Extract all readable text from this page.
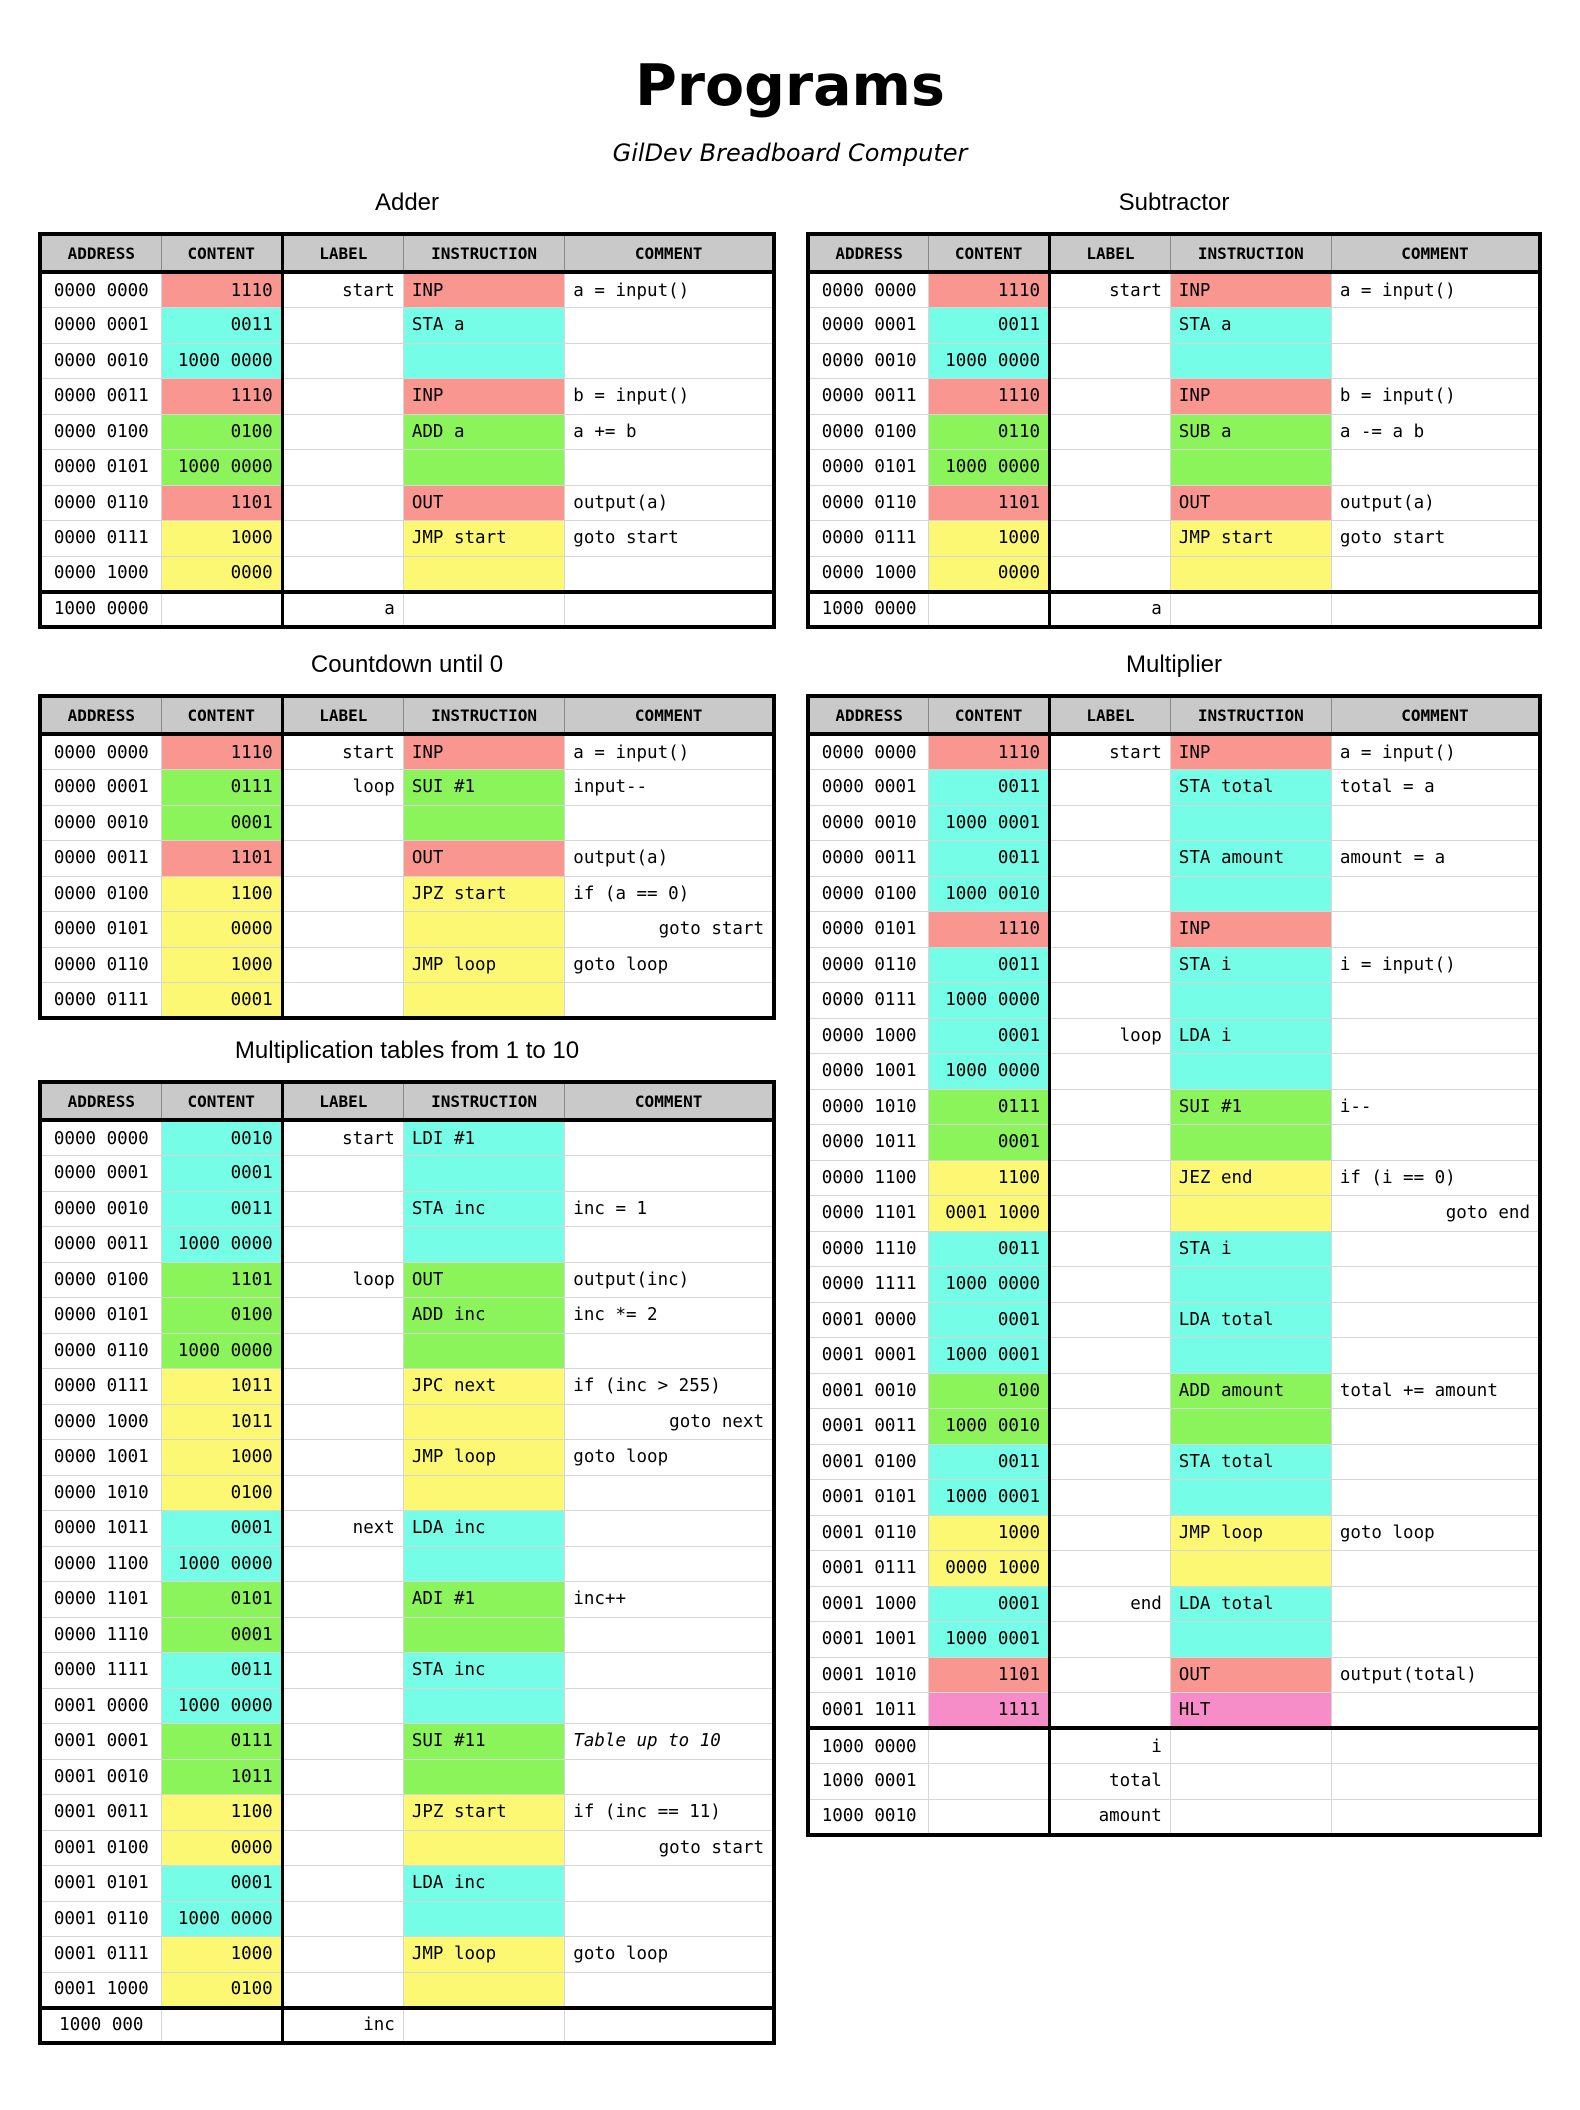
Programs
GilDev Breadboard Computer
Adder
ADDRESS	CONTENT	LABEL	INSTRUCTION	COMMENT
0000 0000	1110	start	INP	a = input()
0000 0001	0011		STA a	
0000 0010	1000 0000			
0000 0011	1110		INP	b = input()
0000 0100	0100		ADD a	a += b
0000 0101	1000 0000			
0000 0110	1101		OUT	output(a)
0000 0111	1000		JMP start	goto start
0000 1000	0000			
1000 0000		a		
Subtractor
ADDRESS	CONTENT	LABEL	INSTRUCTION	COMMENT
0000 0000	1110	start	INP	a = input()
0000 0001	0011		STA a	
0000 0010	1000 0000			
0000 0011	1110		INP	b = input()
0000 0100	0110		SUB a	a -= a b
0000 0101	1000 0000			
0000 0110	1101		OUT	output(a)
0000 0111	1000		JMP start	goto start
0000 1000	0000			
1000 0000		a		
Countdown until 0
ADDRESS	CONTENT	LABEL	INSTRUCTION	COMMENT
0000 0000	1110	start	INP	a = input()
0000 0001	0111	loop	SUI #1	input--
0000 0010	0001			
0000 0011	1101		OUT	output(a)
0000 0100	1100		JPZ start	if (a == 0)
0000 0101	0000			goto start
0000 0110	1000		JMP loop	goto loop
0000 0111	0001			
Multiplication tables from 1 to 10
ADDRESS	CONTENT	LABEL	INSTRUCTION	COMMENT
0000 0000	0010	start	LDI #1	
0000 0001	0001			
0000 0010	0011		STA inc	inc = 1
0000 0011	1000 0000			
0000 0100	1101	loop	OUT	output(inc)
0000 0101	0100		ADD inc	inc *= 2
0000 0110	1000 0000			
0000 0111	1011		JPC next	if (inc > 255)
0000 1000	1011			goto next
0000 1001	1000		JMP loop	goto loop
0000 1010	0100			
0000 1011	0001	next	LDA inc	
0000 1100	1000 0000			
0000 1101	0101		ADI #1	inc++
0000 1110	0001			
0000 1111	0011		STA inc	
0001 0000	1000 0000			
0001 0001	0111		SUI #11	Table up to 10
0001 0010	1011			
0001 0011	1100		JPZ start	if (inc == 11)
0001 0100	0000			goto start
0001 0101	0001		LDA inc	
0001 0110	1000 0000			
0001 0111	1000		JMP loop	goto loop
0001 1000	0100			
1000 000		inc		
Multiplier
ADDRESS	CONTENT	LABEL	INSTRUCTION	COMMENT
0000 0000	1110	start	INP	a = input()
0000 0001	0011		STA total	total = a
0000 0010	1000 0001			
0000 0011	0011		STA amount	amount = a
0000 0100	1000 0010			
0000 0101	1110		INP	
0000 0110	0011		STA i	i = input()
0000 0111	1000 0000			
0000 1000	0001	loop	LDA i	
0000 1001	1000 0000			
0000 1010	0111		SUI #1	i--
0000 1011	0001			
0000 1100	1100		JEZ end	if (i == 0)
0000 1101	0001 1000			goto end
0000 1110	0011		STA i	
0000 1111	1000 0000			
0001 0000	0001		LDA total	
0001 0001	1000 0001			
0001 0010	0100		ADD amount	total += amount
0001 0011	1000 0010			
0001 0100	0011		STA total	
0001 0101	1000 0001			
0001 0110	1000		JMP loop	goto loop
0001 0111	0000 1000			
0001 1000	0001	end	LDA total	
0001 1001	1000 0001			
0001 1010	1101		OUT	output(total)
0001 1011	1111		HLT	
1000 0000		i		
1000 0001		total		
1000 0010		amount		
